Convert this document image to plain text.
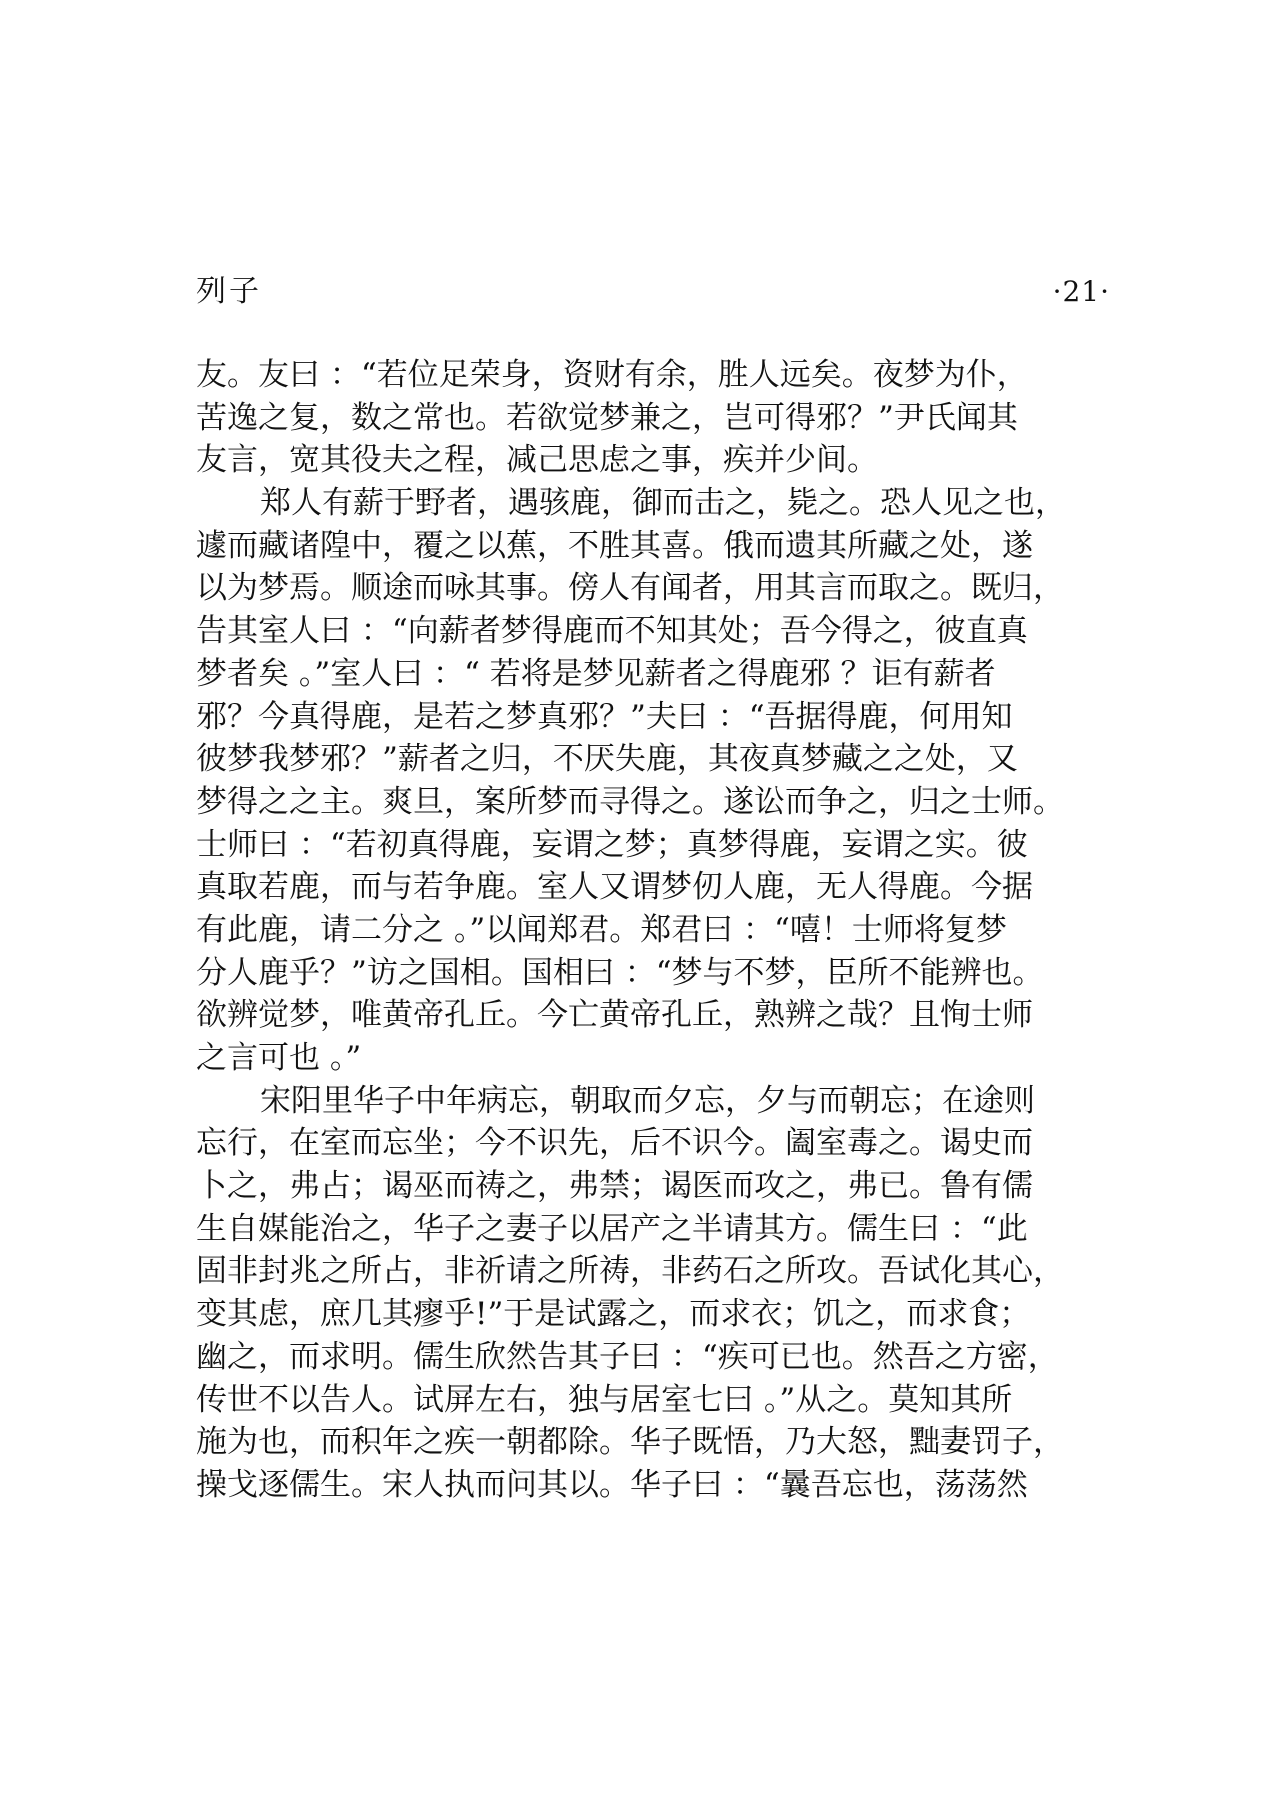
列子	·21·
友。友曰 ：“若位足荣身，资财有余，胜人远矣。夜梦为仆，
苦逸之复，数之常也。若欲觉梦兼之，岂可得邪？”尹氏闻其
友言，宽其役夫之程，减己思虑之事，疾并少间。
郑人有薪于野者，遇骇鹿，御而击之，毙之。恐人见之也，
遽而藏诸隍中，覆之以蕉，不胜其喜。俄而遗其所藏之处，遂
以为梦焉。顺途而咏其事。傍人有闻者，用其言而取之。既归，
告其室人曰 ：“向薪者梦得鹿而不知其处；吾今得之，彼直真
梦者矣 。”室人曰 ：“ 若将是梦见薪者之得鹿邪 ？讵有薪者
邪？今真得鹿，是若之梦真邪？”夫曰 ：“吾据得鹿，何用知
彼梦我梦邪？”薪者之归，不厌失鹿，其夜真梦藏之之处，又
梦得之之主。爽旦，案所梦而寻得之。遂讼而争之，归之士师。
士师曰 ：“若初真得鹿，妄谓之梦；真梦得鹿，妄谓之实。彼
真取若鹿，而与若争鹿。室人又谓梦仞人鹿，无人得鹿。今据
有此鹿，请二分之 。”以闻郑君。郑君曰 ：“嘻！士师将复梦
分人鹿乎？”访之国相。国相曰 ：“梦与不梦，臣所不能辨也。
欲辨觉梦，唯黄帝孔丘。今亡黄帝孔丘，熟辨之哉？且恂士师
之言可也 。”
宋阳里华子中年病忘，朝取而夕忘，夕与而朝忘；在途则
忘行，在室而忘坐；今不识先，后不识今。阖室毒之。谒史而
卜之，弗占；谒巫而祷之，弗禁；谒医而攻之，弗已。鲁有儒
生自媒能治之，华子之妻子以居产之半请其方。儒生曰 ：“此
固非封兆之所占，非祈请之所祷，非药石之所攻。吾试化其心，
变其虑，庶几其瘳乎!”于是试露之，而求衣；饥之，而求食；
幽之，而求明。儒生欣然告其子曰 ：“疾可已也。然吾之方密，
传世不以告人。试屏左右，独与居室七曰 。”从之。莫知其所
施为也，而积年之疾一朝都除。华子既悟，乃大怒，黜妻罚子，
操戈逐儒生。宋人执而问其以。华子曰 ：“曩吾忘也，荡荡然
